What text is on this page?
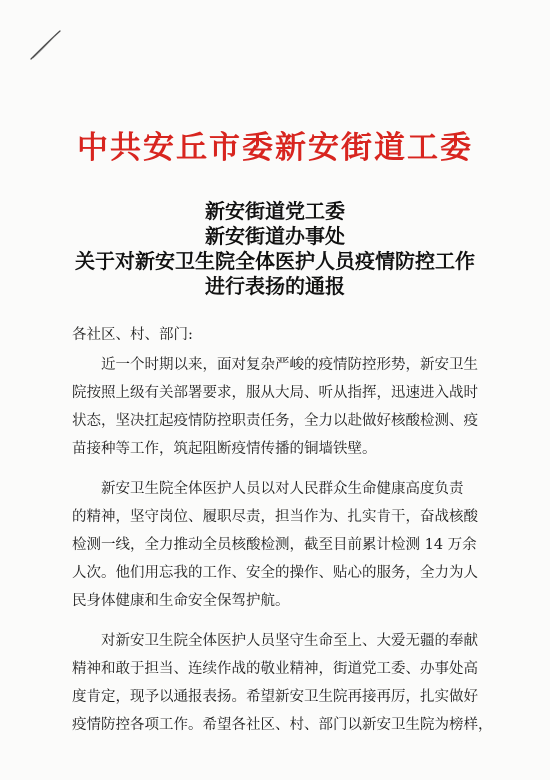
中共安丘市委新安街道工委
新安街道党工委
新安街道办事处
关于对新安卫生院全体医护人员疫情防控工作
进行表扬的通报
各社区、村、部门:
近一个时期以来，面对复杂严峻的疫情防控形势，新安卫生
院按照上级有关部署要求，服从大局、听从指挥，迅速进入战时
状态，坚决扛起疫情防控职责任务，全力以赴做好核酸检测、疫
苗接种等工作，筑起阻断疫情传播的铜墙铁壁。
新安卫生院全体医护人员以对人民群众生命健康高度负责
的精神，坚守岗位、履职尽责，担当作为、扎实肯干，奋战核酸
检测一线，全力推动全员核酸检测，截至目前累计检测 14 万余
人次。他们用忘我的工作、安全的操作、贴心的服务，全力为人
民身体健康和生命安全保驾护航。
对新安卫生院全体医护人员坚守生命至上、大爱无疆的奉献
精神和敢于担当、连续作战的敬业精神，街道党工委、办事处高
度肯定，现予以通报表扬。希望新安卫生院再接再厉，扎实做好
疫情防控各项工作。希望各社区、村、部门以新安卫生院为榜样，
